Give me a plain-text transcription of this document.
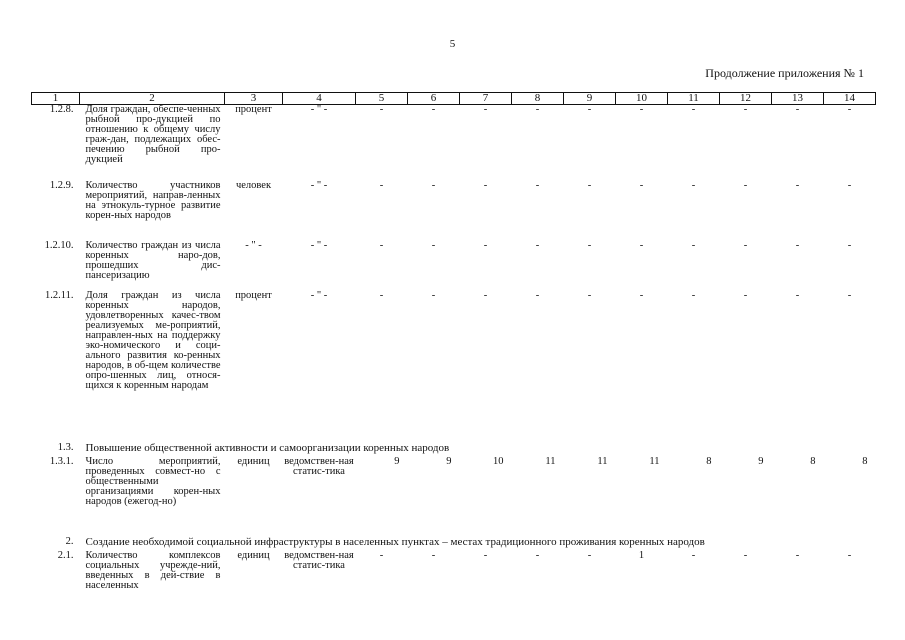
5
Продолжение приложения № 1
1	2	3	4	5	6	7	8	9	10	11	12	13	14
1.2.8.	Доля граждан, обеспе-ченных рыбной про-дукцией по отношению к общему числу граж-дан, подлежащих обес-печению рыбной про-дукцией	процент	- " -	-	-	-	-	-	-	-	-	-	-
1.2.9.	Количество участников мероприятий, направ-ленных на этнокуль-турное развитие корен-ных народов	человек	- " -	-	-	-	-	-	-	-	-	-	-
1.2.10.	Количество граждан из числа коренных наро-дов, прошедших дис-пансеризацию	- " -	- " -	-	-	-	-	-	-	-	-	-	-
1.2.11.	Доля граждан из числа коренных народов, удовлетворенных качес-твом реализуемых ме-роприятий, направлен-ных на поддержку эко-номического и соци-ального развития ко-ренных народов, в об-щем количестве опро-шенных лиц, относя-щихся к коренным народам	процент	- " -	-	-	-	-	-	-	-	-	-	-
1.3.	Повышение общественной активности и самоорганизации коренных народов												
1.3.1.	Число мероприятий, проведенных совмест-но с общественными организациями корен-ных народов (ежегод-но)	единиц	ведомствен-ная статис-тика	9	9	10	11	11	11	8	9	8	8
2.	Создание необходимой социальной инфраструктуры в населенных пунктах – местах традиционного проживания коренных народов												
2.1.	Количество комплексов социальных учрежде-ний, введенных в дей-ствие в населенных	единиц	ведомствен-ная статис-тика	-	-	-	-	-	1	-	-	-	-
